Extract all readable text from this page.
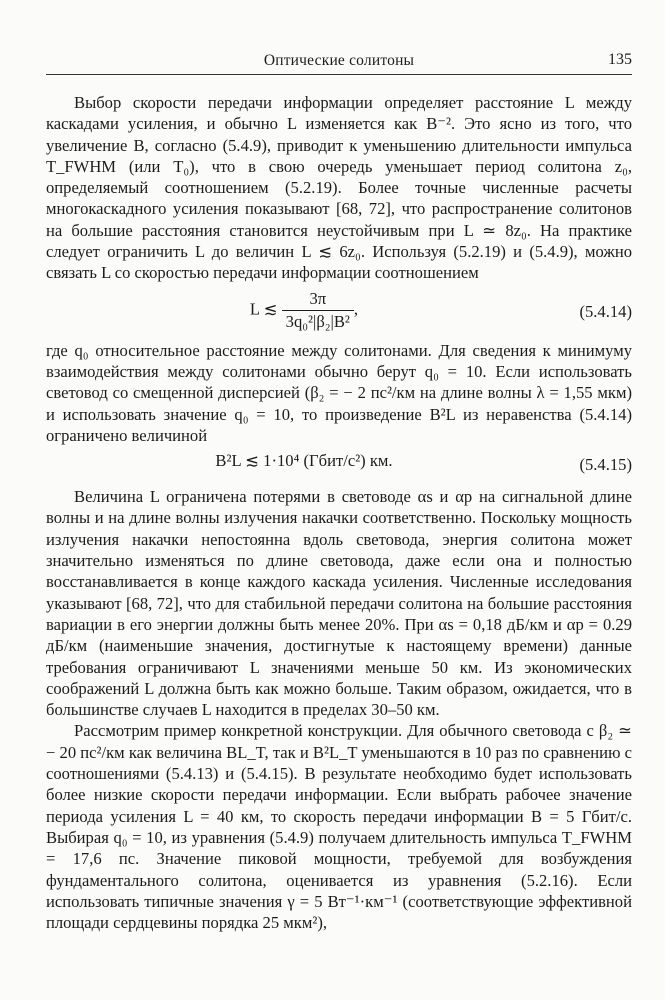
Оптические солитоны	135

Выбор скорости передачи информации определяет расстояние L между каскадами усиления, и обычно L изменяется как B⁻². Это ясно из того, что увеличение B, согласно (5.4.9), приводит к уменьшению длительности импульса T_FWHM (или T₀), что в свою очередь уменьшает период солитона z₀, определяемый соотношением (5.2.19). Более точные численные расчеты многокаскадного усиления показывают [68, 72], что распространение солитонов на большие расстояния становится неустойчивым при L ≃ 8z₀. На практике следует ограничить L до величин L ≲ 6z₀. Используя (5.2.19) и (5.4.9), можно связать L со скоростью передачи информации соотношением

L ≲ $\frac{3\pi}{\text{3q₀²|β₂|B²}}$ ,	(5.4.14)

где q₀ относительное расстояние между солитонами. Для сведения к минимуму взаимодействия между солитонами обычно берут q₀ = 10. Если использовать световод со смещенной дисперсией (β₂ = − 2 пс²/км на длине волны λ = 1,55 мкм) и использовать значение q₀ = 10, то произведение B²L из неравенства (5.4.14) ограничено величиной

B²L ≲ 1·10⁴ (Гбит/с²) км.	(5.4.15)

Величина L ограничена потерями в световоде αs и αp на сигнальной длине волны и на длине волны излучения накачки соответственно. Поскольку мощность излучения накачки непостоянна вдоль световода, энергия солитона может значительно изменяться по длине световода, даже если она и полностью восстанавливается в конце каждого каскада усиления. Численные исследования указывают [68, 72], что для стабильной передачи солитона на большие расстояния вариации в его энергии должны быть менее 20%. При αs = 0,18 дБ/км и αp = 0.29 дБ/км (наименьшие значения, достигнутые к настоящему времени) данные требования ограничивают L значениями меньше 50 км. Из экономических соображений L должна быть как можно больше. Таким образом, ожидается, что в большинстве случаев L находится в пределах 30–50 км.

Рассмотрим пример конкретной конструкции. Для обычного световода с β₂ ≃ − 20 пс²/км как величина BL_T, так и B²L_T уменьшаются в 10 раз по сравнению с соотношениями (5.4.13) и (5.4.15). В результате необходимо будет использовать более низкие скорости передачи информации. Если выбрать рабочее значение периода усиления L = 40 км, то скорость передачи информации B = 5 Гбит/с. Выбирая q₀ = 10, из уравнения (5.4.9) получаем длительность импульса T_FWHM = 17,6 пс. Значение пиковой мощности, требуемой для возбуждения фундаментального солитона, оценивается из уравнения (5.2.16). Если использовать типичные значения γ = 5 Вт⁻¹·км⁻¹ (соответствующие эффективной площади сердцевины порядка 25 мкм²),
